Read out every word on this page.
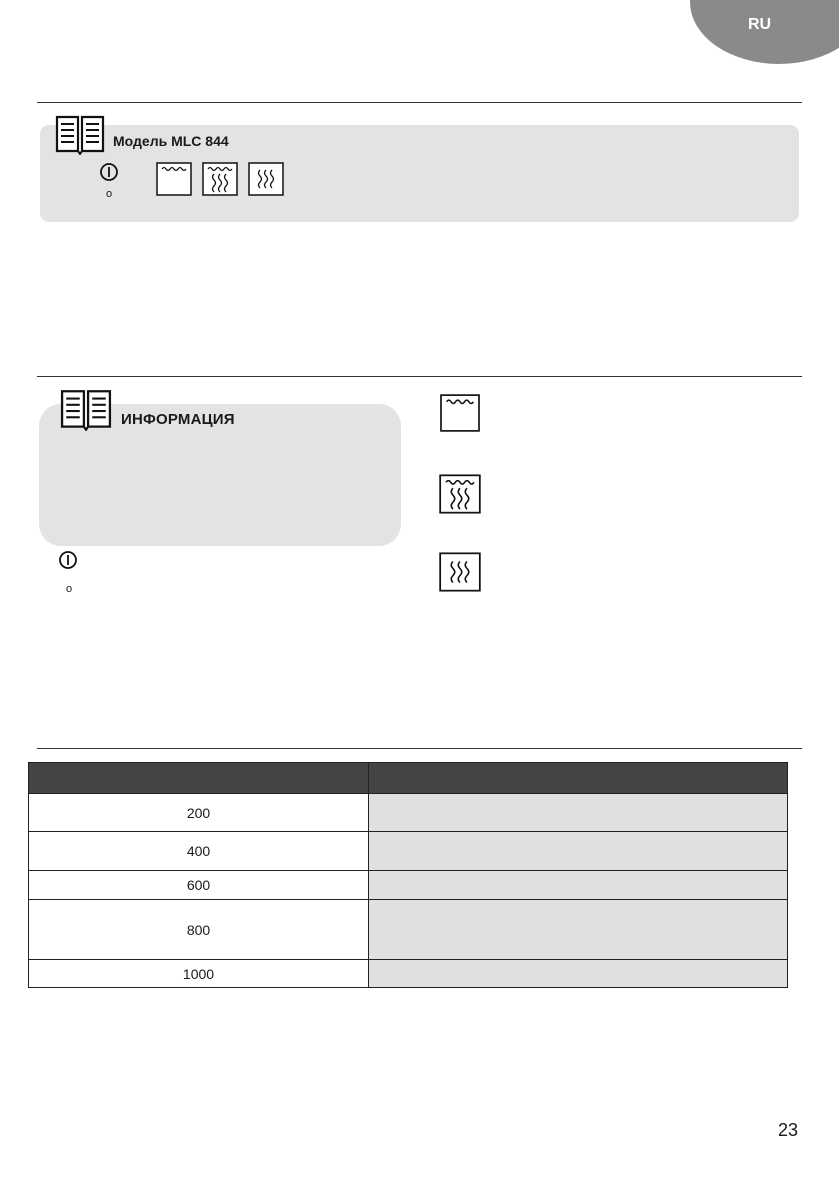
RU
Модель MLC 844
o
ИНФОРМАЦИЯ
o

200	
400	
600	
800	
1000	
23
